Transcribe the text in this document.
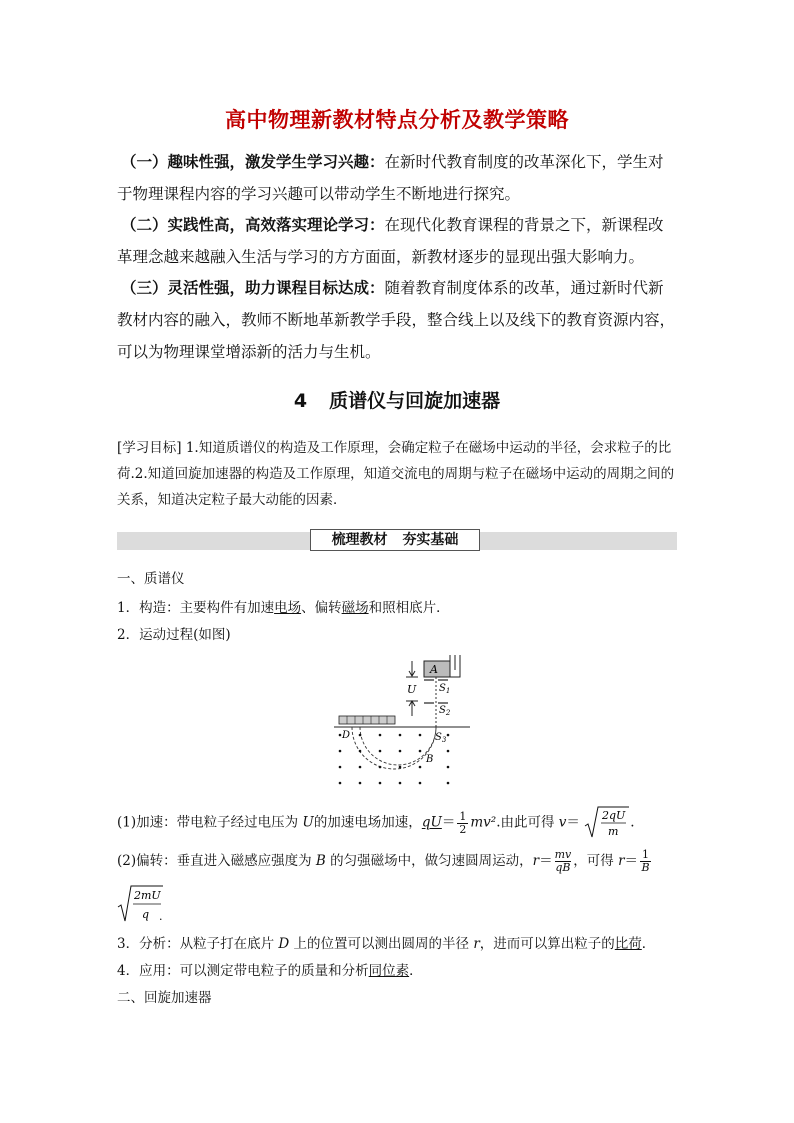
高中物理新教材特点分析及教学策略
（一）趣味性强，激发学生学习兴趣：在新时代教育制度的改革深化下，学生对于物理课程内容的学习兴趣可以带动学生不断地进行探究。
（二）实践性高，高效落实理论学习：在现代化教育课程的背景之下，新课程改革理念越来越融入生活与学习的方方面面，新教材逐步的显现出强大影响力。
（三）灵活性强，助力课程目标达成：随着教育制度体系的改革，通过新时代新教材内容的融入，教师不断地革新教学手段，整合线上以及线下的教育资源内容，可以为物理课堂增添新的活力与生机。
4 质谱仪与回旋加速器
[学习目标] 1.知道质谱仪的构造及工作原理，会确定粒子在磁场中运动的半径，会求粒子的比荷.2.知道回旋加速器的构造及工作原理，知道交流电的周期与粒子在磁场中运动的周期之间的关系，知道决定粒子最大动能的因素．
梳理教材 夯实基础
一、质谱仪
1．构造：主要构件有加速电场、偏转磁场和照相底片．
2．运动过程(如图)
A
$S_1$
$S_2$
$S_3$
U
D
B
(1)加速：带电粒子经过电压为 U的加速电场加速，$qU= \frac{1}{2} mv^2$.由此可得 v＝ 2qU
m
.
(2)偏转：垂直进入磁感应强度为 B 的匀强磁场中，做匀速圆周运动，$r= \frac{mv}{qB}$ ，可得 $r= \frac{1}{B}$
2mU
q .
3．分析：从粒子打在底片 D 上的位置可以测出圆周的半径 r，进而可以算出粒子的比荷．
4．应用：可以测定带电粒子的质量和分析同位素．
二、回旋加速器
